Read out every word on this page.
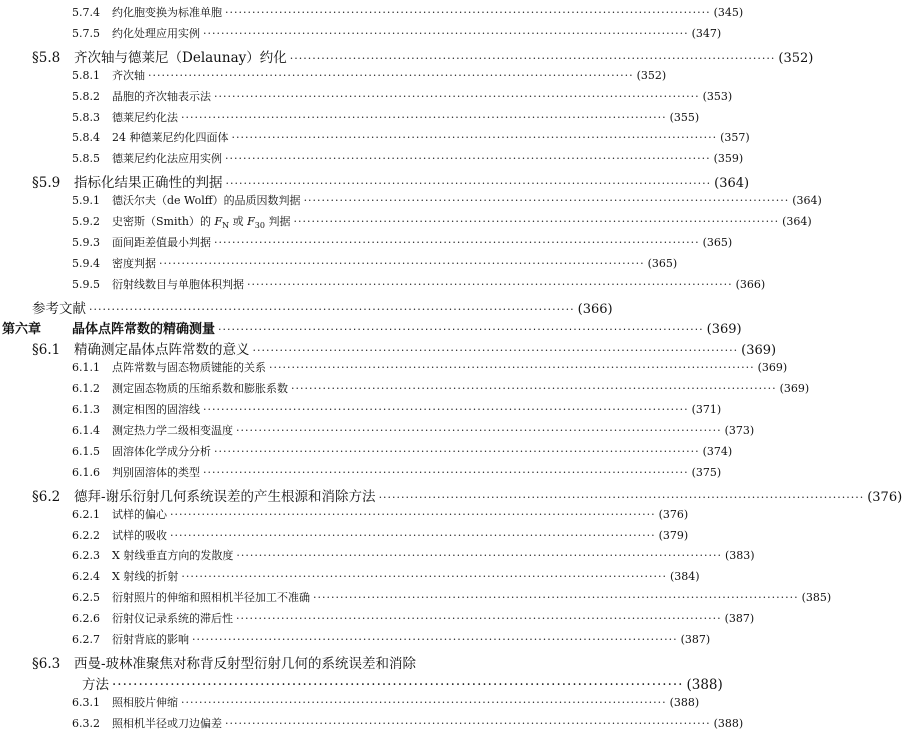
5.7.4 约化胞变换为标准单胞 ············································································································ (345)
5.7.5 约化处理应用实例 ············································································································ (347)
§5.8 齐次轴与德莱尼（Delaunay）约化 ············································································································ (352)
5.8.1 齐次轴 ············································································································ (352)
5.8.2 晶胞的齐次轴表示法 ············································································································ (353)
5.8.3 德莱尼约化法 ············································································································ (355)
5.8.4 24 种德莱尼约化四面体 ············································································································ (357)
5.8.5 德莱尼约化法应用实例 ············································································································ (359)
§5.9 指标化结果正确性的判据 ············································································································ (364)
5.9.1 德沃尔夫（de Wolff）的品质因数判据 ············································································································ (364)
5.9.2 史密斯（Smith）的 $F_N$ 或 $F_{30}$ 判据 ············································································································ (364)
5.9.3 面间距差值最小判据 ············································································································ (365)
5.9.4 密度判据 ············································································································ (365)
5.9.5 衍射线数目与单胞体积判据 ············································································································ (366)
参考文献 ············································································································ (366)
第六章 晶体点阵常数的精确测量 ············································································································ (369)
§6.1 精确测定晶体点阵常数的意义 ············································································································ (369)
6.1.1 点阵常数与固态物质键能的关系 ············································································································ (369)
6.1.2 测定固态物质的压缩系数和膨胀系数 ············································································································ (369)
6.1.3 测定相图的固溶线 ············································································································ (371)
6.1.4 测定热力学二级相变温度 ············································································································ (373)
6.1.5 固溶体化学成分分析 ············································································································ (374)
6.1.6 判别固溶体的类型 ············································································································ (375)
§6.2 德拜-谢乐衍射几何系统误差的产生根源和消除方法 ············································································································ (376)
6.2.1 试样的偏心 ············································································································ (376)
6.2.2 试样的吸收 ············································································································ (379)
6.2.3 X 射线垂直方向的发散度 ············································································································ (383)
6.2.4 X 射线的折射 ············································································································ (384)
6.2.5 衍射照片的伸缩和照相机半径加工不准确 ············································································································ (385)
6.2.6 衍射仪记录系统的滞后性 ············································································································ (387)
6.2.7 衍射背底的影响 ············································································································ (387)
§6.3 西曼-玻林准聚焦对称背反射型衍射几何的系统误差和消除
方法 ············································································································ (388)
6.3.1 照相胶片伸缩 ············································································································ (388)
6.3.2 照相机半径或刀边偏差 ············································································································ (388)
